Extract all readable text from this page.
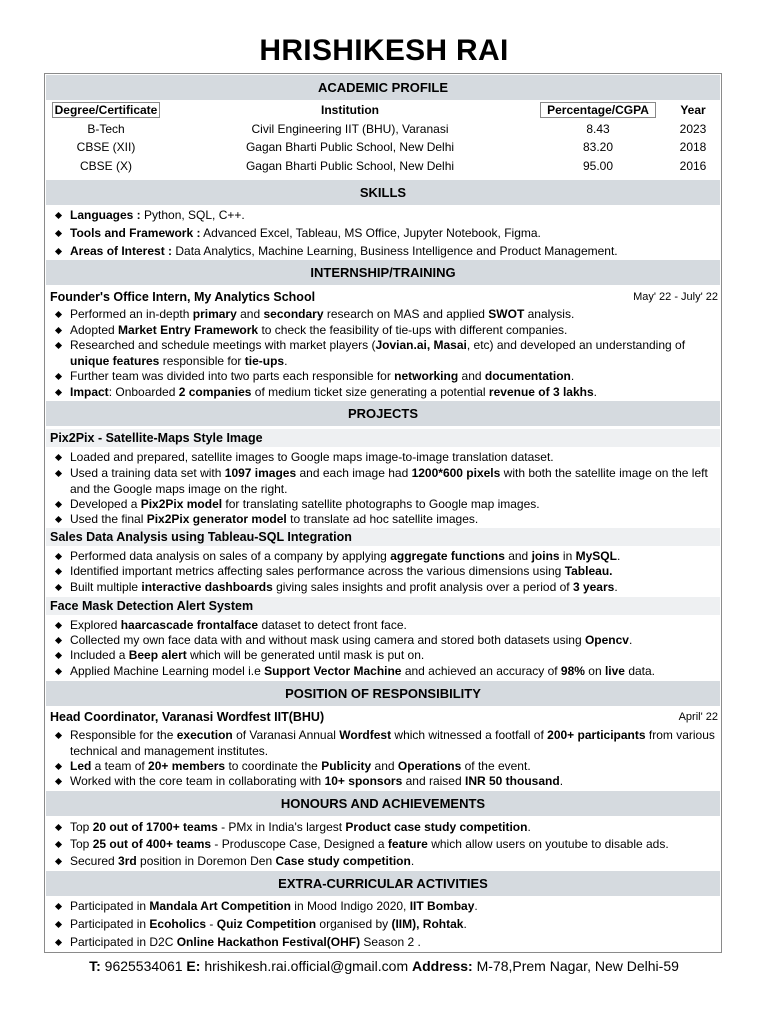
HRISHIKESH RAI
ACADEMIC PROFILE
Degree/Certificate	Institution	Percentage/CGPA	Year
B-Tech	Civil Engineering IIT (BHU), Varanasi	8.43	2023
CBSE (XII)	Gagan Bharti Public School, New Delhi	83.20	2018
CBSE (X)	Gagan Bharti Public School, New Delhi	95.00	2016
SKILLS
Languages : Python, SQL, C++.
Tools and Framework : Advanced Excel, Tableau, MS Office, Jupyter Notebook, Figma.
Areas of Interest : Data Analytics, Machine Learning, Business Intelligence and Product Management.
INTERNSHIP/TRAINING
Founder's Office Intern, My Analytics School	May' 22 - July' 22
Performed an in-depth primary and secondary research on MAS and applied SWOT analysis.
Adopted Market Entry Framework to check the feasibility of tie-ups with different companies.
Researched and schedule meetings with market players (Jovian.ai, Masai, etc) and developed an understanding of unique features responsible for tie-ups.
Further team was divided into two parts each responsible for networking and documentation.
Impact: Onboarded 2 companies of medium ticket size generating a potential revenue of 3 lakhs.
PROJECTS
Pix2Pix - Satellite-Maps Style Image
Loaded and prepared, satellite images to Google maps image-to-image translation dataset.
Used a training data set with 1097 images and each image had 1200*600 pixels with both the satellite image on the left and the Google maps image on the right.
Developed a Pix2Pix model for translating satellite photographs to Google map images.
Used the final Pix2Pix generator model to translate ad hoc satellite images.
Sales Data Analysis using Tableau-SQL Integration
Performed data analysis on sales of a company by applying aggregate functions and joins in MySQL.
Identified important metrics affecting sales performance across the various dimensions using Tableau.
Built multiple interactive dashboards giving sales insights and profit analysis over a period of 3 years.
Face Mask Detection Alert System
Explored haarcascade frontalface dataset to detect front face.
Collected my own face data with and without mask using camera and stored both datasets using Opencv.
Included a Beep alert which will be generated until mask is put on.
Applied Machine Learning model i.e Support Vector Machine and achieved an accuracy of 98% on live data.
POSITION OF RESPONSIBILITY
Head Coordinator, Varanasi Wordfest IIT(BHU)	April' 22
Responsible for the execution of Varanasi Annual Wordfest which witnessed a footfall of 200+ participants from various technical and management institutes.
Led a team of 20+ members to coordinate the Publicity and Operations of the event.
Worked with the core team in collaborating with 10+ sponsors and raised INR 50 thousand.
HONOURS AND ACHIEVEMENTS
Top 20 out of 1700+ teams - PMx in India's largest Product case study competition.
Top 25 out of 400+ teams - Produscope Case, Designed a feature which allow users on youtube to disable ads.
Secured 3rd position in Doremon Den Case study competition.
EXTRA-CURRICULAR ACTIVITIES
Participated in Mandala Art Competition in Mood Indigo 2020, IIT Bombay.
Participated in Ecoholics - Quiz Competition organised by (IIM), Rohtak.
Participated in D2C Online Hackathon Festival(OHF) Season 2 .
T: 9625534061 E: hrishikesh.rai.official@gmail.com Address: M-78,Prem Nagar, New Delhi-59
